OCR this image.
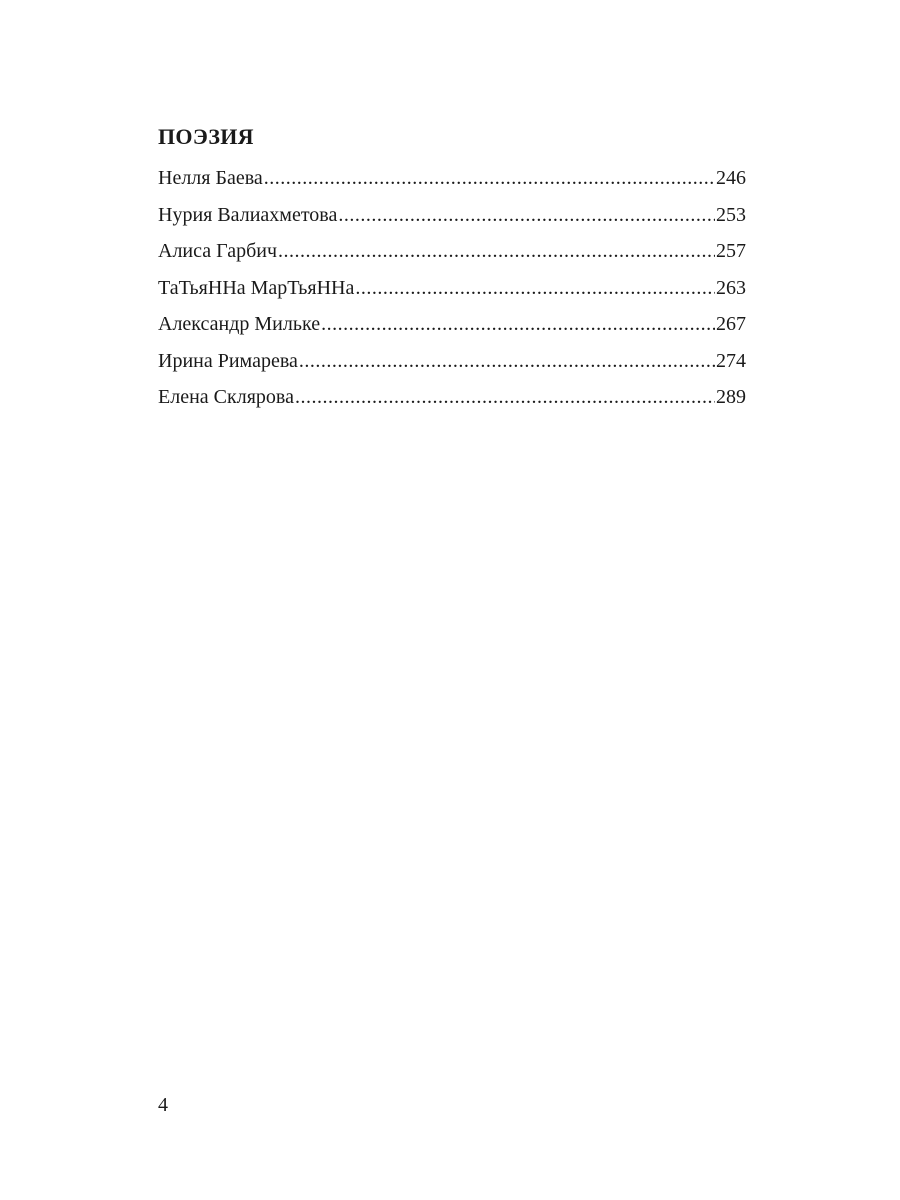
ПОЭЗИЯ
Нелля Баева .....	246
Нурия Валиахметова .....	253
Алиса Гарбич .....	257
ТаТьяННа МарТьяННа .....	263
Александр Мильке .....	267
Ирина Римарева .....	274
Елена Склярова .....	289
4
